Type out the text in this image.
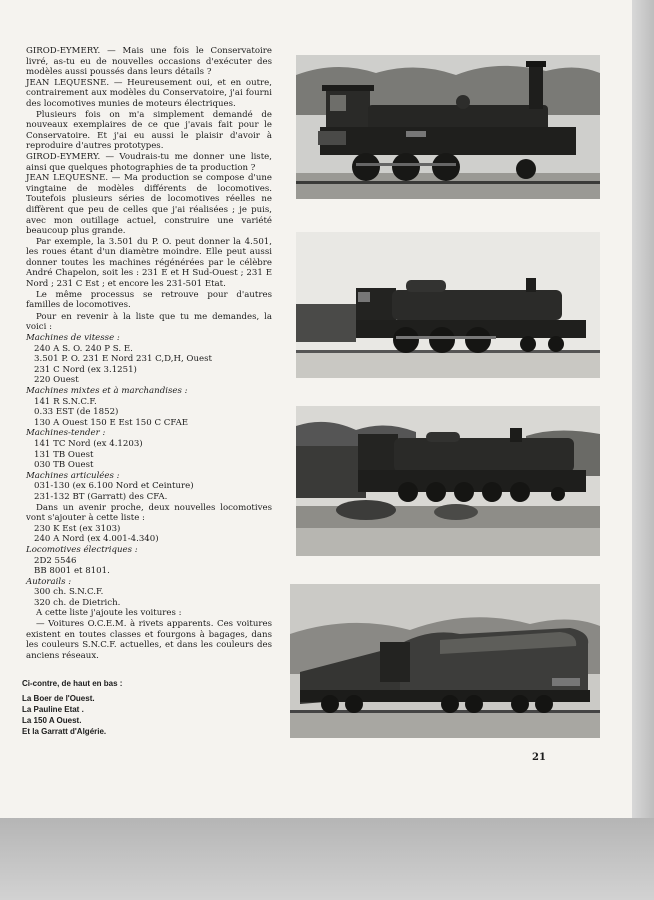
GIROD-EYMERY. — Mais une fois le Conservatoire livré, as-tu eu de nouvelles occasions d'exécuter des modèles aussi poussés dans leurs détails ?

JEAN LEQUESNE. — Heureusement oui, et en outre, contrairement aux modèles du Conservatoire, j'ai fourni des locomotives munies de moteurs électriques.

Plusieurs fois on m'a simplement demandé de nouveaux exemplaires de ce que j'avais fait pour le Conservatoire. Et j'ai eu aussi le plaisir d'avoir à reproduire d'autres prototypes.

GIROD-EYMERY. — Voudrais-tu me donner une liste, ainsi que quelques photographies de ta production ?

JEAN LEQUESNE. — Ma production se compose d'une vingtaine de modèles différents de locomotives. Toutefois plusieurs séries de locomotives réelles ne diffèrent que peu de celles que j'ai réalisées ; je puis, avec mon outillage actuel, construire une variété beaucoup plus grande.

Par exemple, la 3.501 du P. O. peut donner la 4.501, les roues étant d'un diamètre moindre. Elle peut aussi donner toutes les machines régénérées par le célèbre André Chapelon, soit les : 231 E et H Sud-Ouest ; 231 E Nord ; 231 C Est ; et encore les 231-501 Etat.

Le même processus se retrouve pour d'autres familles de locomotives.

Pour en revenir à la liste que tu me demandes, la voici :

Machines de vitesse :

240 A S. O. 240 P S. E.

3.501 P. O. 231 E Nord 231 C,D,H, Ouest

231 C Nord (ex 3.1251)

220 Ouest

Machines mixtes et à marchandises :

141 R S.N.C.F.

0.33 EST (de 1852)

130 A Ouest 150 E Est 150 C CFAE

Machines-tender :

141 TC Nord (ex 4.1203)

131 TB Ouest

030 TB Ouest

Machines articulées :

031-130 (ex 6.100 Nord et Ceinture)

231-132 BT (Garratt) des CFA.

Dans un avenir proche, deux nouvelles locomotives vont s'ajouter à cette liste :

230 K Est (ex 3103)

240 A Nord (ex 4.001-4.340)

Locomotives électriques :

2D2 5546

BB 8001 et 8101.

Autorails :

300 ch. S.N.C.F.

320 ch. de Dietrich.

A cette liste j'ajoute les voitures :

— Voitures O.C.E.M. à rivets apparents. Ces voitures existent en toutes classes et fourgons à bagages, dans les couleurs S.N.C.F. actuelles, et dans les couleurs des anciens réseaux.

Ci-contre, de haut en bas :
La Boer de l'Ouest.
La Pauline Etat .
La 150 A Ouest.
Et la Garratt d'Algérie.
21
